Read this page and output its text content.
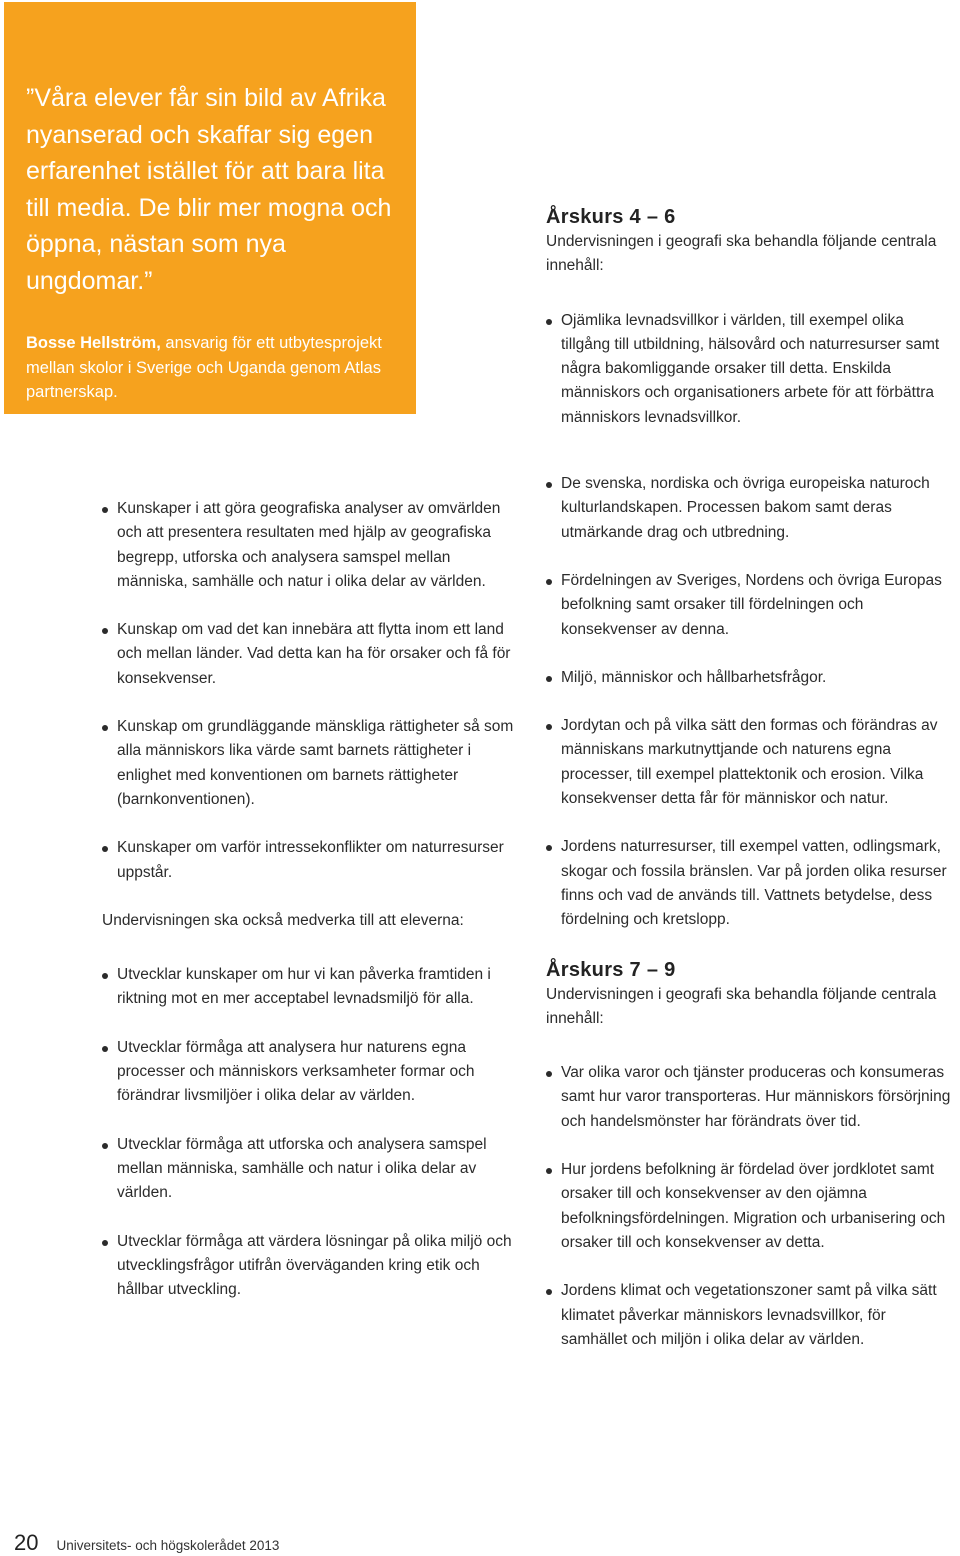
”Våra elever får sin bild av Afrika nyanserad och skaffar sig egen erfarenhet istället för att bara lita till media. De blir mer mogna och öppna, nästan som nya ungdomar.”

Bosse Hellström, ansvarig för ett utbytesprojekt mellan skolor i Sverige och Uganda genom Atlas partnerskap.
Årskurs 4 – 6

Undervisningen i geografi ska behandla följande centrala innehåll:

Ojämlika levnadsvillkor i världen, till exempel olika tillgång till utbildning, hälsovård och naturresurser samt några bakomliggande orsaker till detta. Enskilda människors och organisationers arbete för att förbättra människors levnadsvillkor.
De svenska, nordiska och övriga europeiska naturoch kulturlandskapen. Processen bakom samt deras utmärkande drag och utbredning.
Fördelningen av Sveriges, Nordens och övriga Europas befolkning samt orsaker till fördelningen och konsekvenser av denna.
Miljö, människor och hållbarhetsfrågor.
Jordytan och på vilka sätt den formas och förändras av människans markutnyttjande och naturens egna processer, till exempel plattektonik och erosion. Vilka konsekvenser detta får för människor och natur.
Jordens naturresurser, till exempel vatten, odlingsmark, skogar och fossila bränslen. Var på jorden olika resurser finns och vad de används till. Vattnets betydelse, dess fördelning och kretslopp.
Årskurs 7 – 9

Undervisningen i geografi ska behandla följande centrala innehåll:

Var olika varor och tjänster produceras och konsumeras samt hur varor transporteras. Hur människors försörjning och handelsmönster har förändrats över tid.
Hur jordens befolkning är fördelad över jordklotet samt orsaker till och konsekvenser av den ojämna befolkningsfördelningen. Migration och urbanisering och orsaker till och konsekvenser av detta.
Jordens klimat och vegetationszoner samt på vilka sätt klimatet påverkar människors levnadsvillkor, för samhället och miljön i olika delar av världen.
Kunskaper i att göra geografiska analyser av omvärlden och att presentera resultaten med hjälp av geografiska begrepp, utforska och analysera samspel mellan människa, samhälle och natur i olika delar av världen.
Kunskap om vad det kan innebära att flytta inom ett land och mellan länder. Vad detta kan ha för orsaker och få för konsekvenser.
Kunskap om grundläggande mänskliga rättigheter så som alla människors lika värde samt barnets rättigheter i enlighet med konventionen om barnets rättigheter (barnkonventionen).
Kunskaper om varför intressekonflikter om naturresurser uppstår.

Undervisningen ska också medverka till att eleverna:

Utvecklar kunskaper om hur vi kan påverka framtiden i riktning mot en mer acceptabel levnadsmiljö för alla.
Utvecklar förmåga att analysera hur naturens egna processer och människors verksamheter formar och förändrar livsmiljöer i olika delar av världen.
Utvecklar förmåga att utforska och analysera samspel mellan människa, samhälle och natur i olika delar av världen.
Utvecklar förmåga att värdera lösningar på olika miljö och utvecklingsfrågor utifrån överväganden kring etik och hållbar utveckling.
20 Universitets- och högskolerådet 2013
